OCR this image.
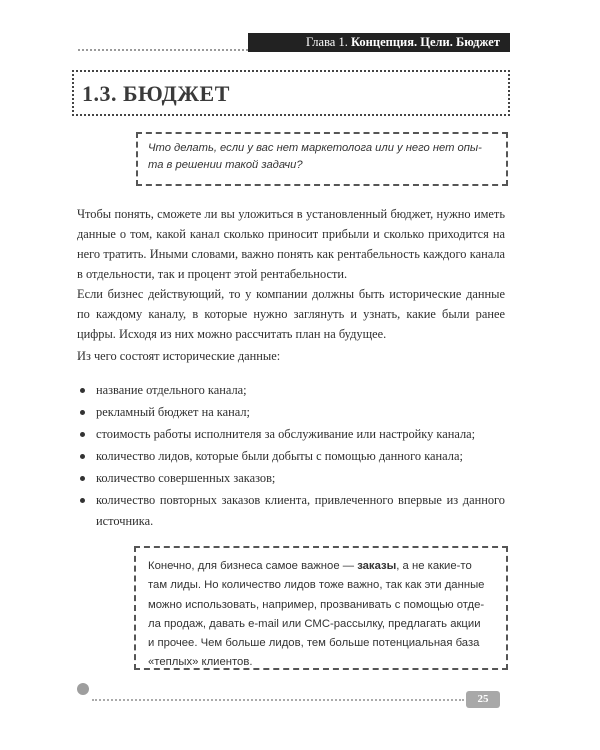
Глава 1. Концепция. Цели. Бюджет
1.3. БЮДЖЕТ
Что делать, если у вас нет маркетолога или у него нет опы-
та в решении такой задачи?

Чтобы понять, сможете ли вы уложиться в установленный бюджет, нужно иметь данные о том, какой канал сколько приносит прибыли и сколько приходится на него тратить. Иными словами, важно понять как рентабельность каждого канала в отдельности, так и процент этой рентабельности.

Если бизнес действующий, то у компании должны быть исторические данные по каждому каналу, в которые нужно заглянуть и узнать, какие были ранее цифры. Исходя из них можно рассчитать план на будущее.

Из чего состоят исторические данные:

название отдельного канала;
рекламный бюджет на канал;
стоимость работы исполнителя за обслуживание или настройку канала;
количество лидов, которые были добыты с помощью данного канала;
количество совершенных заказов;
количество повторных заказов клиента, привлеченного впервые из данного источника.
Конечно, для бизнеса самое важное — заказы, а не какие-то
там лиды. Но количество лидов тоже важно, так как эти данные
можно использовать, например, прозванивать с помощью отде-
ла продаж, давать e-mail или СМС-рассылку, предлагать акции
и прочее. Чем больше лидов, тем больше потенциальная база
«теплых» клиентов.
25
